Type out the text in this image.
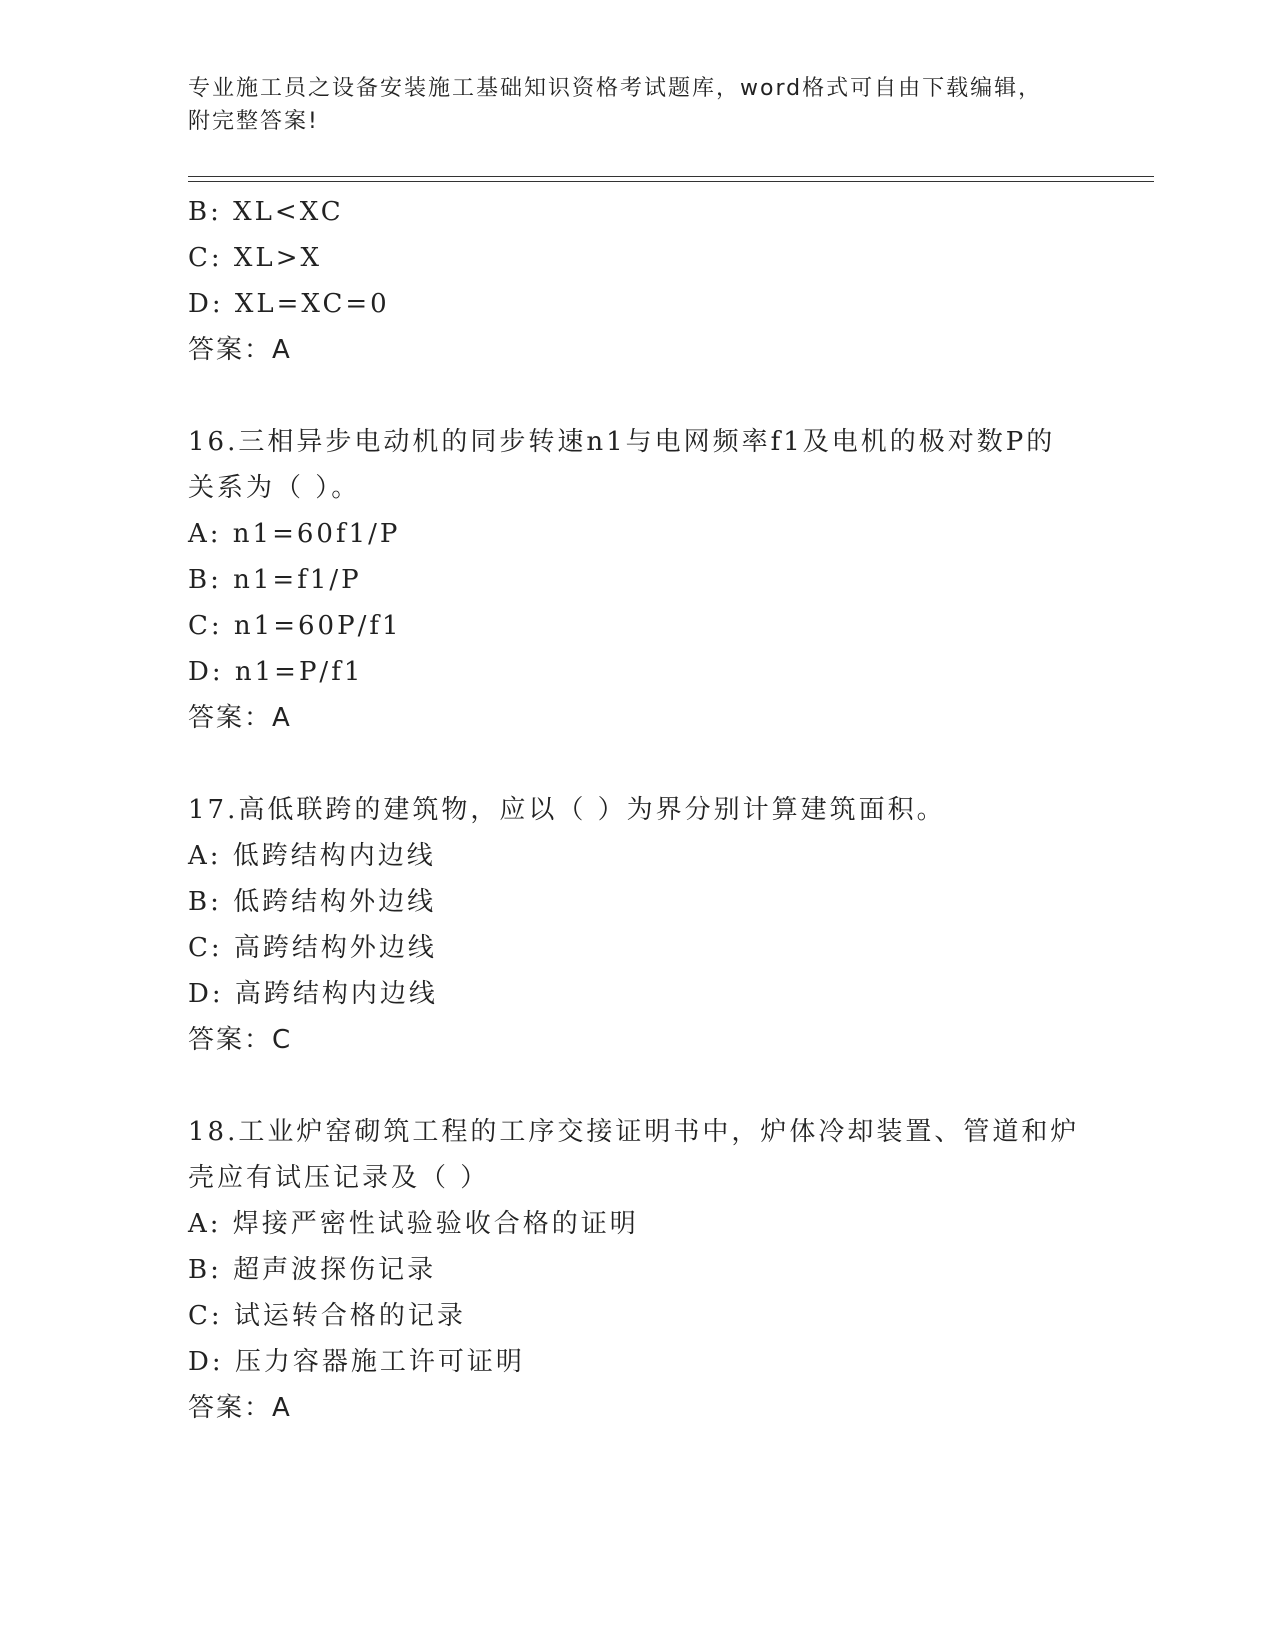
专业施工员之设备安装施工基础知识资格考试题库，word格式可自由下载编辑，
附完整答案!
B: XL<XC
C: XL>X
D: XL=XC=0
答案：A
16.三相异步电动机的同步转速n1与电网频率f1及电机的极对数P的
关系为（ ）。
A: n1=60f1/P
B: n1=f1/P
C: n1=60P/f1
D: n1=P/f1
答案：A
17.高低联跨的建筑物，应以（ ）为界分别计算建筑面积。
A: 低跨结构内边线
B: 低跨结构外边线
C: 高跨结构外边线
D: 高跨结构内边线
答案：C
18.工业炉窑砌筑工程的工序交接证明书中，炉体冷却装置、管道和炉
壳应有试压记录及（ ）
A: 焊接严密性试验验收合格的证明
B: 超声波探伤记录
C: 试运转合格的记录
D: 压力容器施工许可证明
答案：A
